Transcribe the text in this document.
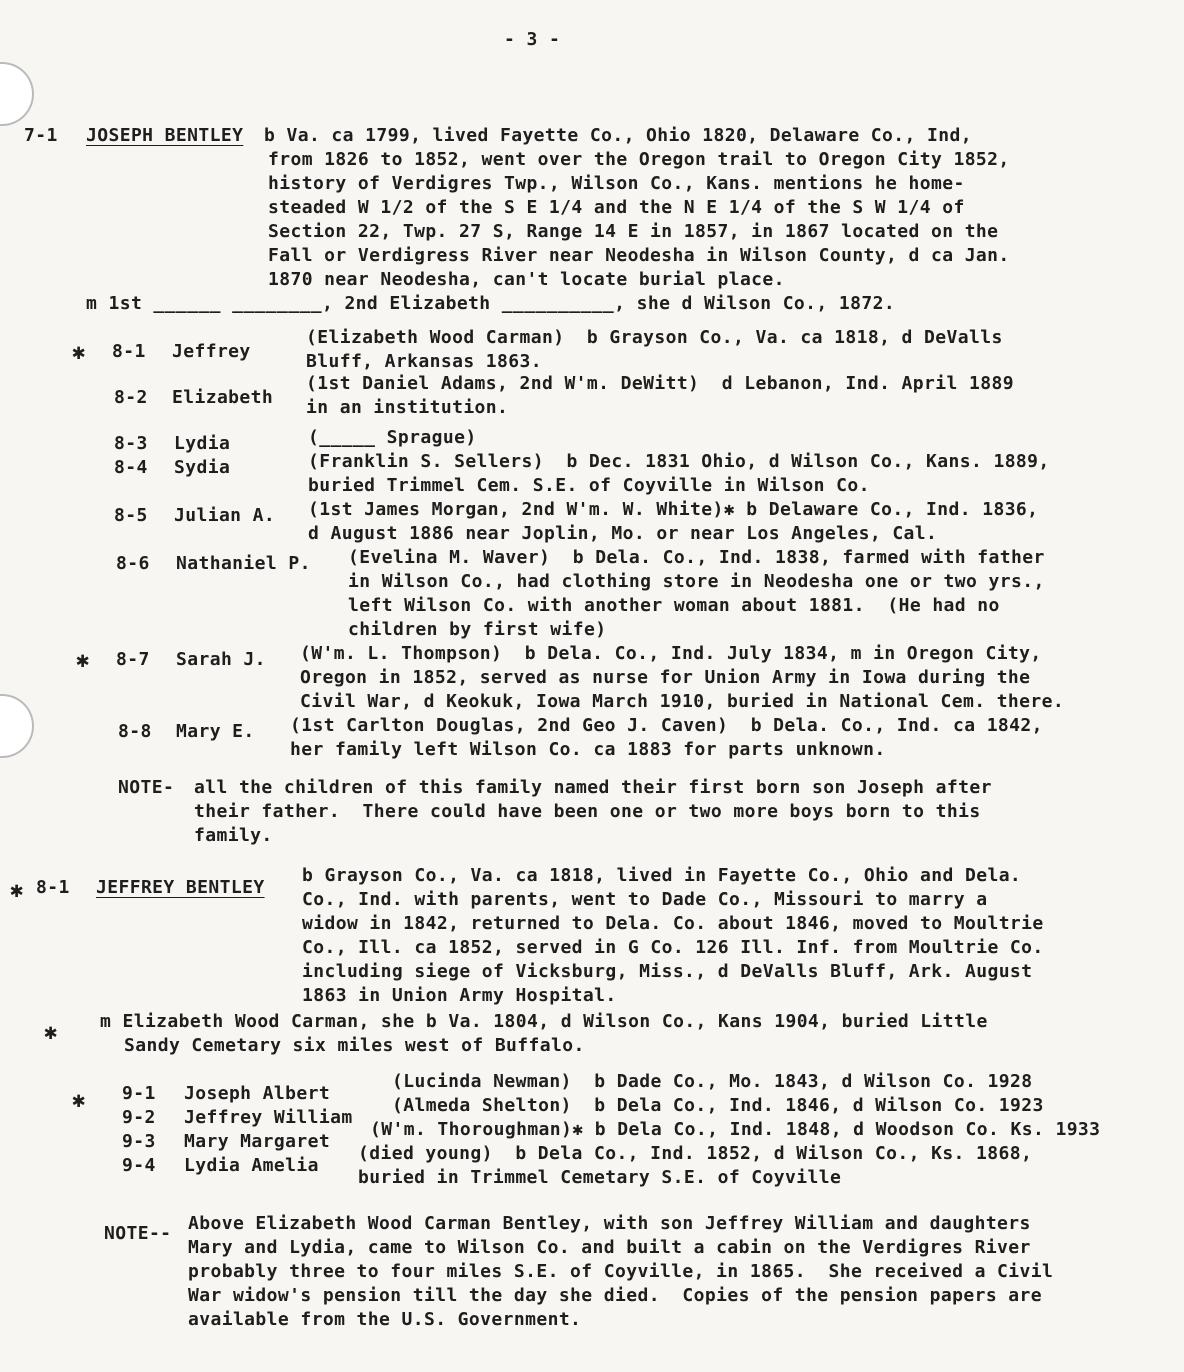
- 3 -
7-1 JOSEPH BENTLEY b Va. ca 1799, lived Fayette Co., Ohio 1820, Delaware Co., Ind,
from 1826 to 1852, went over the Oregon trail to Oregon City 1852,
history of Verdigres Twp., Wilson Co., Kans. mentions he home-
steaded W 1/2 of the S E 1/4 and the N E 1/4 of the S W 1/4 of
Section 22, Twp. 27 S, Range 14 E in 1857, in 1867 located on the
Fall or Verdigress River near Neodesha in Wilson County, d ca Jan.
1870 near Neodesha, can't locate burial place.
m 1st ______ ________, 2nd Elizabeth __________, she d Wilson Co., 1872.
✱ 8-1 Jeffrey
(Elizabeth Wood Carman)  b Grayson Co., Va. ca 1818, d DeValls
Bluff, Arkansas 1863.
8-2 Elizabeth
(1st Daniel Adams, 2nd W'm. DeWitt)  d Lebanon, Ind. April 1889
in an institution.
8-3 Lydia	(_____ Sprague)
8-4 Sydia	(Franklin S. Sellers)  b Dec. 1831 Ohio, d Wilson Co., Kans. 1889,
buried Trimmel Cem. S.E. of Coyville in Wilson Co.
8-5 Julian A. (1st James Morgan, 2nd W'm. W. White)✱ b Delaware Co., Ind. 1836,
d August 1886 near Joplin, Mo. or near Los Angeles, Cal.
8-6 Nathaniel P. (Evelina M. Waver)  b Dela. Co., Ind. 1838, farmed with father
in Wilson Co., had clothing store in Neodesha one or two yrs.,
left Wilson Co. with another woman about 1881.  (He had no
children by first wife)
✱ 8-7 Sarah J. (W'm. L. Thompson)  b Dela. Co., Ind. July 1834, m in Oregon City,
Oregon in 1852, served as nurse for Union Army in Iowa during the
Civil War, d Keokuk, Iowa March 1910, buried in National Cem. there.
8-8 Mary E. (1st Carlton Douglas, 2nd Geo J. Caven)  b Dela. Co., Ind. ca 1842,
her family left Wilson Co. ca 1883 for parts unknown.
NOTE- all the children of this family named their first born son Joseph after
their father.  There could have been one or two more boys born to this
family.
✱ 8-1 JEFFREY BENTLEY
b Grayson Co., Va. ca 1818, lived in Fayette Co., Ohio and Dela.
Co., Ind. with parents, went to Dade Co., Missouri to marry a
widow in 1842, returned to Dela. Co. about 1846, moved to Moultrie
Co., Ill. ca 1852, served in G Co. 126 Ill. Inf. from Moultrie Co.
including siege of Vicksburg, Miss., d DeValls Bluff, Ark. August
1863 in Union Army Hospital.
✱ m Elizabeth Wood Carman, she b Va. 1804, d Wilson Co., Kans 1904, buried Little
Sandy Cemetary six miles west of Buffalo.
✱ 9-1 Joseph Albert
(Lucinda Newman)  b Dade Co., Mo. 1843, d Wilson Co. 1928
9-2 Jeffrey William
(Almeda Shelton)  b Dela Co., Ind. 1846, d Wilson Co. 1923
9-3 Mary Margaret
(W'm. Thoroughman)✱ b Dela Co., Ind. 1848, d Woodson Co. Ks. 1933
9-4 Lydia Amelia
(died young)  b Dela Co., Ind. 1852, d Wilson Co., Ks. 1868,
buried in Trimmel Cemetary S.E. of Coyville
NOTE-- Above Elizabeth Wood Carman Bentley, with son Jeffrey William and daughters
Mary and Lydia, came to Wilson Co. and built a cabin on the Verdigres River
probably three to four miles S.E. of Coyville, in 1865.  She received a Civil
War widow's pension till the day she died.  Copies of the pension papers are
available from the U.S. Government.
